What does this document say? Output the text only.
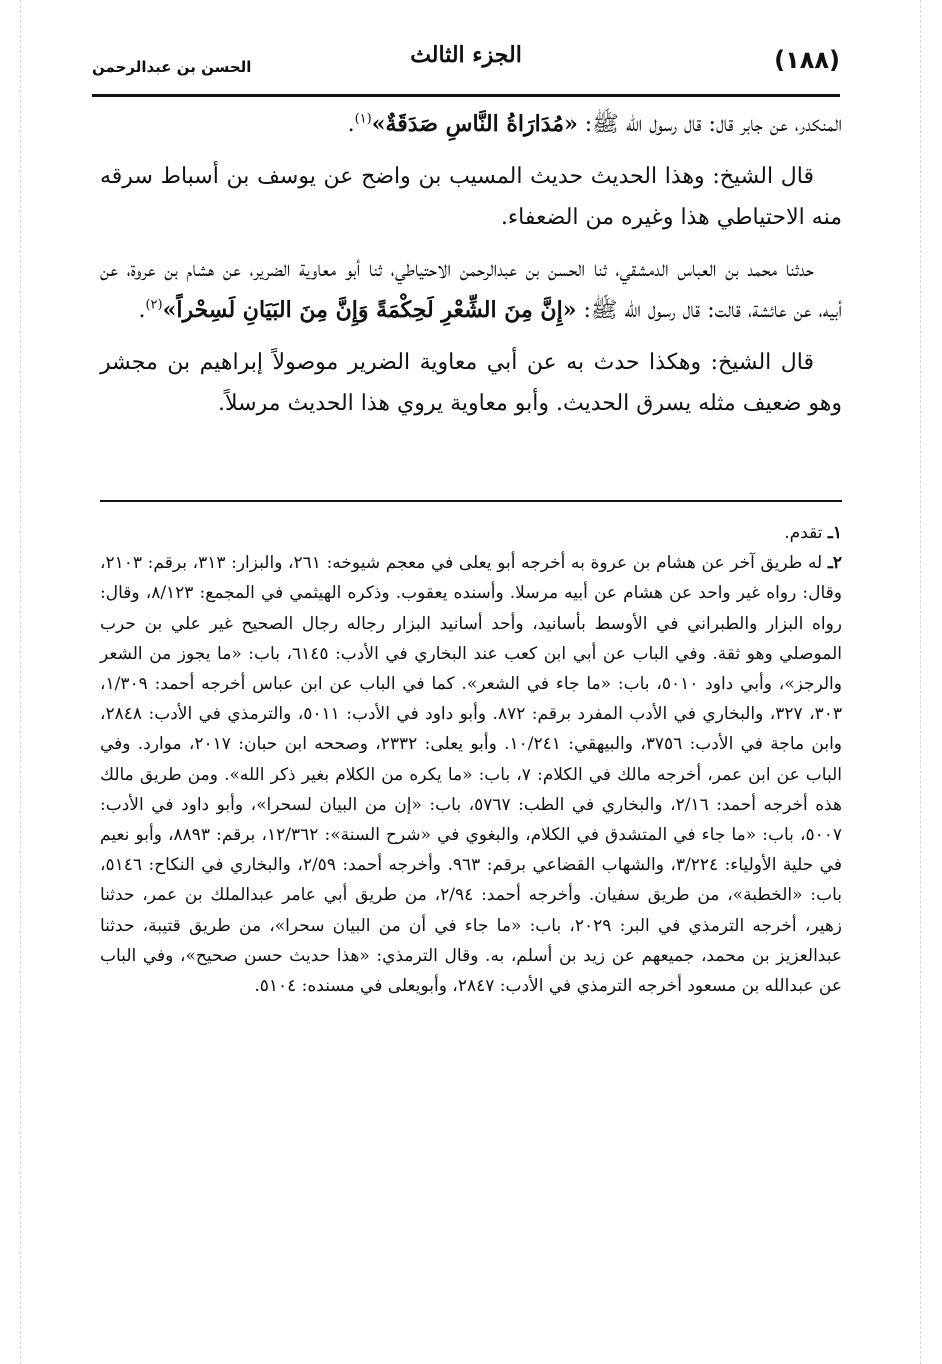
(١٨٨)
الجزء الثالث
الحسن بن عبدالرحمن

المنكدر، عن جابر قال: قال رسول الله ﷺ: «مُدَارَاةُ النَّاسِ صَدَقَةٌ»$^{(١)}$.

قال الشيخ: وهذا الحديث حديث المسيب بن واضح عن يوسف بن أسباط سرقه منه الاحتياطي هذا وغيره من الضعفاء.

حدثنا محمد بن العباس الدمشقي، ثنا الحسن بن عبدالرحمن الاحتياطي، ثنا أبو معاوية الضرير، عن هشام بن عروة، عن أبيه، عن عائشة، قالت: قال رسول الله ﷺ: «إِنَّ مِنَ الشِّعْرِ لَحِكْمَةً وَإِنَّ مِنَ البَيَانِ لَسِحْراً»$^{(٢)}$.

قال الشيخ: وهكذا حدث به عن أبي معاوية الضرير موصولاً إبراهيم بن مجشر وهو ضعيف مثله يسرق الحديث. وأبو معاوية يروي هذا الحديث مرسلاً.

١ـ تقدم.

٢ـ له طريق آخر عن هشام بن عروة به أخرجه أبو يعلى في معجم شيوخه: ٢٦١، والبزار: ٣١٣، برقم: ٢١٠٣، وقال: رواه غير واحد عن هشام عن أبيه مرسلا. وأسنده يعقوب. وذكره الهيثمي في المجمع: ٨/١٢٣، وقال: رواه البزار والطبراني في الأوسط بأسانيد، وأحد أسانيد البزار رجاله رجال الصحيح غير علي بن حرب الموصلي وهو ثقة. وفي الباب عن أبي ابن كعب عند البخاري في الأدب: ٦١٤٥، باب: «ما يجوز من الشعر والرجز»، وأبي داود ٥٠١٠، باب: «ما جاء في الشعر». كما في الباب عن ابن عباس أخرجه أحمد: ١/٣٠٩، ٣٠٣، ٣٢٧، والبخاري في الأدب المفرد برقم: ٨٧٢. وأبو داود في الأدب: ٥٠١١، والترمذي في الأدب: ٢٨٤٨، وابن ماجة في الأدب: ٣٧٥٦، والبيهقي: ١٠/٢٤١. وأبو يعلى: ٢٣٣٢، وصححه ابن حبان: ٢٠١٧، موارد. وفي الباب عن ابن عمر، أخرجه مالك في الكلام: ٧، باب: «ما يكره من الكلام بغير ذكر الله». ومن طريق مالك هذه أخرجه أحمد: ٢/١٦، والبخاري في الطب: ٥٧٦٧، باب: «إن من البيان لسحرا»، وأبو داود في الأدب: ٥٠٠٧، باب: «ما جاء في المتشدق في الكلام، والبغوي في «شرح السنة»: ١٢/٣٦٢، برقم: ٨٨٩٣، وأبو نعيم في حلية الأولياء: ٣/٢٢٤، والشهاب القضاعي برقم: ٩٦٣. وأخرجه أحمد: ٢/٥٩، والبخاري في النكاح: ٥١٤٦، باب: «الخطبة»، من طريق سفيان. وأخرجه أحمد: ٢/٩٤، من طريق أبي عامر عبدالملك بن عمر، حدثنا زهير، أخرجه الترمذي في البر: ٢٠٢٩، باب: «ما جاء في أن من البيان سحرا»، من طريق قتيبة، حدثنا عبدالعزيز بن محمد، جميعهم عن زيد بن أسلم، به. وقال الترمذي: «هذا حديث حسن صحيح»، وفي الباب عن عبدالله بن مسعود أخرجه الترمذي في الأدب: ٢٨٤٧، وأبويعلى في مسنده: ٥١٠٤.
